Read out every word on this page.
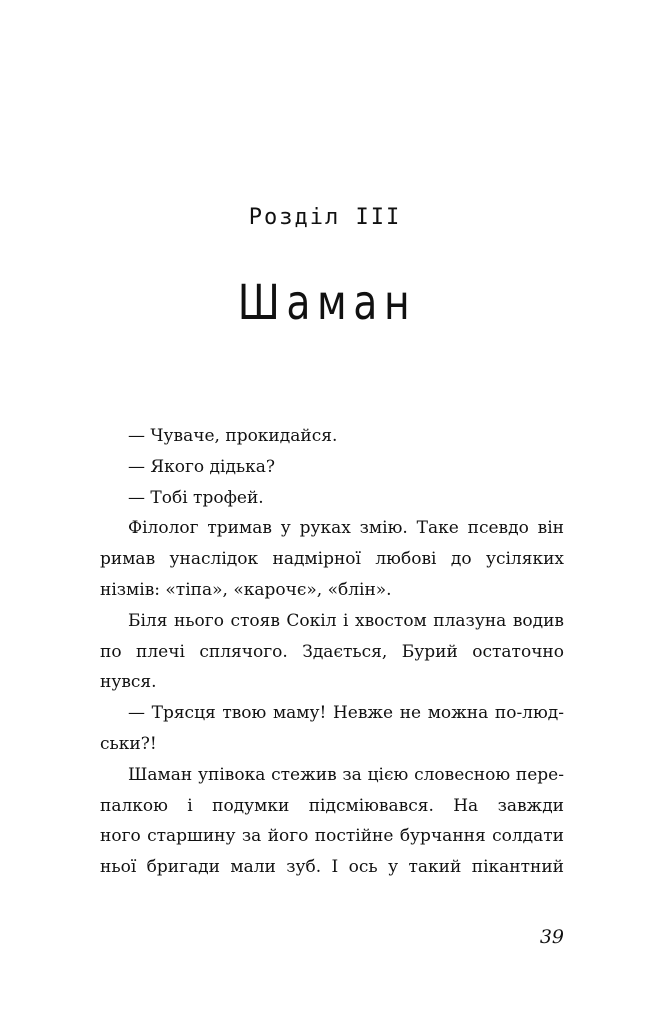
Розділ III
Шаман
— Чуваче, прокидайся.
— Якого дідька?
— Тобі трофей.
Філолог тримав у руках змію. Таке псевдо він
римав унаслідок надмірної любові до усіляких
нізмів: «тіпа», «карочє», «блін».
Біля нього стояв Сокіл і хвостом плазуна водив
по плечі сплячого. Здається, Бурий остаточно
нувся.
— Трясця твою маму! Невже не можна по-люд-
ськи?!
Шаман упівока стежив за цією словесною пере-
палкою і подумки підсміювався. На завжди
ного старшину за його постійне бурчання солдати
ньої бригади мали зуб. І ось у такий пікантний
39
